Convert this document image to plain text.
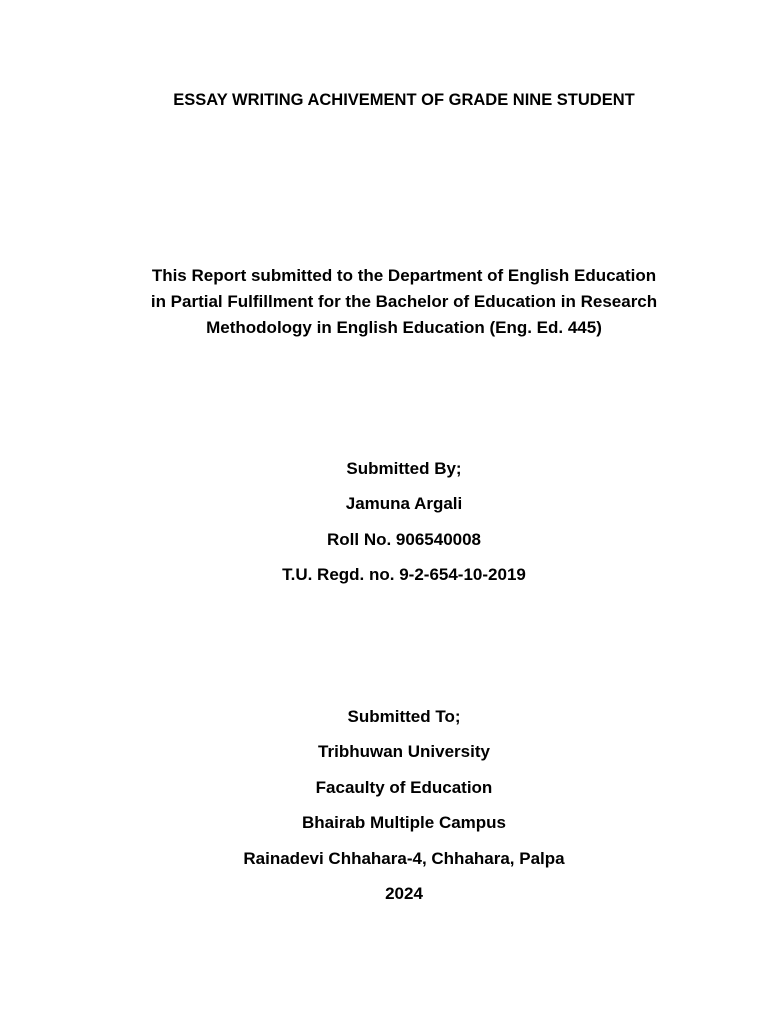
ESSAY WRITING ACHIVEMENT OF GRADE NINE STUDENT
This Report submitted to the Department of English Education
in Partial Fulfillment for the Bachelor of Education in Research
Methodology in English Education (Eng. Ed. 445)
Submitted By;
Jamuna Argali
Roll No. 906540008
T.U. Regd. no. 9-2-654-10-2019
Submitted To;
Tribhuwan University
Facaulty of Education
Bhairab Multiple Campus
Rainadevi Chhahara-4, Chhahara, Palpa
2024
